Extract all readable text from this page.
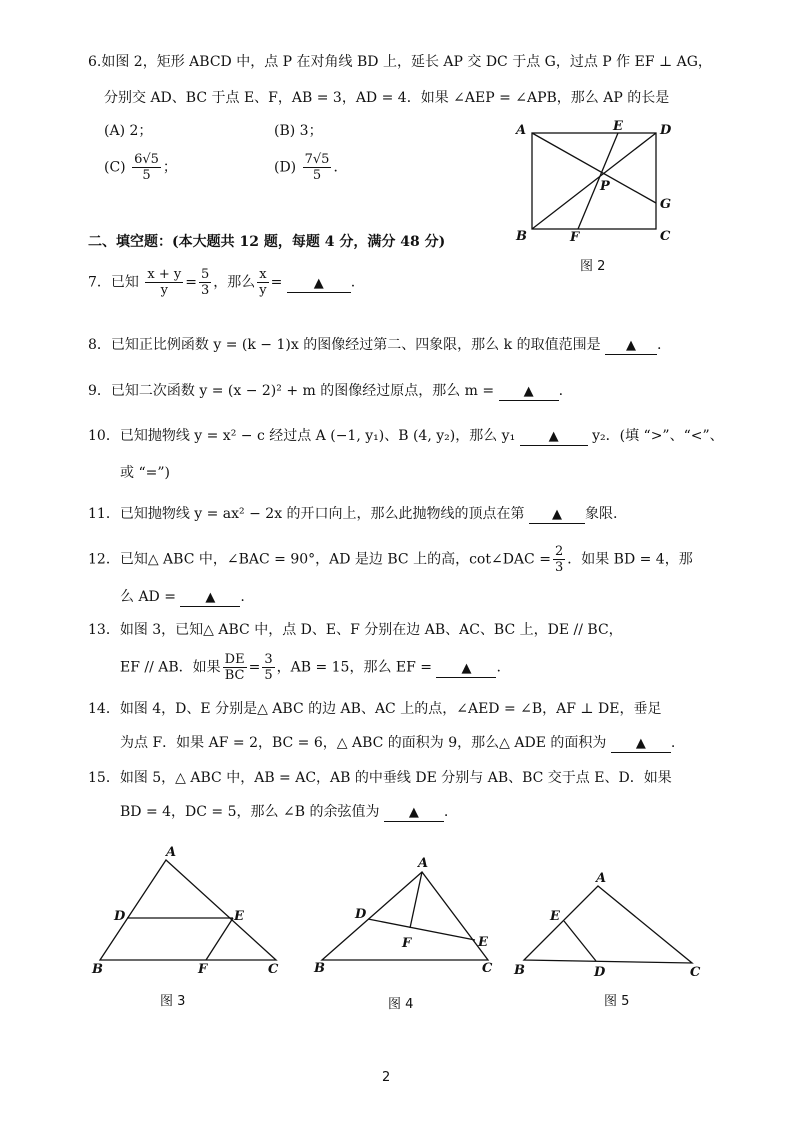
6.如图 2，矩形 ABCD 中，点 P 在对角线 BD 上，延长 AP 交 DC 于点 G，过点 P 作 EF ⊥ AG，
分别交 AD、BC 于点 E、F，AB = 3，AD = 4．如果 ∠AEP = ∠APB，那么 AP 的长是
(A) 2；	(B) 3；
$(C) \frac{6√5}{5}$ ；	$(D) \frac{7√5}{5}$ ．
A	E	D
P
G
B	F	C
图 2
二、填空题：(本大题共 12 题，每题 4 分，满分 48 分)
7．已知 $\frac{x + y}{y} = \frac{5}{3}$ ，那么 $\frac{x}{y}$ = ▲ .
8．已知正比例函数 y = (k − 1)x 的图像经过第二、四象限，那么 k 的取值范围是 ▲ .
9．已知二次函数 y = (x − 2)² + m 的图像经过原点，那么 m = ▲ .
10．已知抛物线 y = x² − c 经过点 A (−1, y₁)、B (4, y₂)，那么 y₁	▲ y₂．(填 “>”、“<”、
或 “=”)
11．已知抛物线 y = ax² − 2x 的开口向上，那么此抛物线的顶点在第 ▲ 象限.
12．已知△ ABC 中，∠BAC = 90°，AD 是边 BC 上的高，cot∠DAC = $\frac{2}{3}$ ．如果 BD = 4，那
么 AD = ▲ .
13．如图 3，已知△ ABC 中，点 D、E、F 分别在边 AB、AC、BC 上，DE // BC，
EF // AB．如果 $\frac{DE}{BC} = \frac{3}{5}$ ，AB = 15，那么 EF = ▲ .
14．如图 4，D、E 分别是△ ABC 的边 AB、AC 上的点，∠AED = ∠B，AF ⊥ DE，垂足
为点 F．如果 AF = 2，BC = 6，△ ABC 的面积为 9，那么△ ADE 的面积为 ▲ .
15．如图 5，△ ABC 中，AB = AC，AB 的中垂线 DE 分别与 AB、BC 交于点 E、D．如果
BD = 4，DC = 5，那么 ∠B 的余弦值为 ▲ .
A
D	E
B	F	C
图 3
A
D
F	E
B	C
图 4
A
E
B	D	C
图 5
2
